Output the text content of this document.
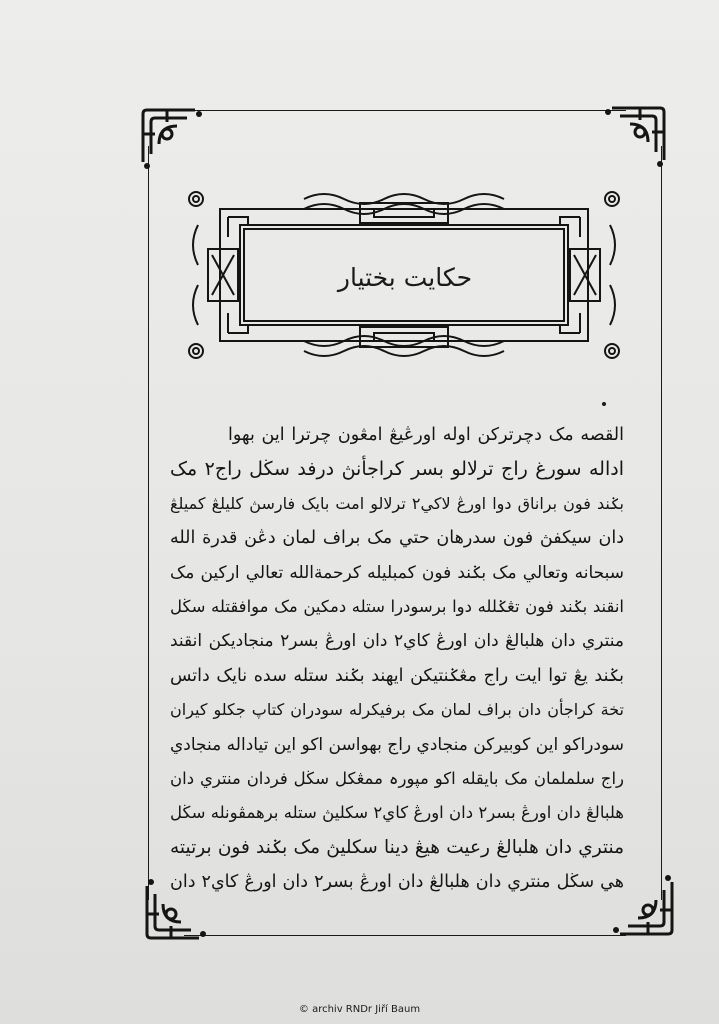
حکايت بختيار
القصه مک دچرترکن اوله اورڠيڠ امڠون چرترا اين بهوا
اداله سورغ راج ترلالو بسر کراجأنڽ درفد سڬل راج٢ مک
بݢند فون براناق دوا اورڠ لاکي٢ ترلالو امت بايک فارسڽ کليلڠ کميلڠ
دان سيکفڽ فون سدرهان حتي مک براف لمان دڠن قدرة الله
سبحانه وتعالي مک بݢند فون کمبليله کرحمةالله تعالي ارکين مک
انقند بݢند فون تڠݢلله دوا برسودرا ستله دمکين مک موافقتله سڬل
منتري دان هلبالڠ دان اورڠ کاي٢ دان اورڠ بسر٢ منجاديکن انقند
بݢند يڠ توا ايت راج مڠݢنتيکن ايهند بݢند ستله سده نايک داتس
تخة کراجأن دان براف لمان مک برفيکرله سودران کتاپ جکلو کيران
سودراکو اين کوبيرکن منجادي راج بهواسن اکو اين تياداله منجادي
راج سلملمان مک بايقله اکو مپورہ ممڠکل سڬل فردان منتري دان
هلبالڠ دان اورڠ بسر٢ دان اورڠ کاي٢ سکليڽ ستله برهمڤونله سڬل
منتري دان هلبالڠ رعيت هيڠ دينا سکليڽ مک بݢند فون برتيته
هي سڬل منتري دان هلبالڠ دان اورڠ بسر٢ دان اورڠ کاي٢ دان
© archiv RNDr Jiří Baum
